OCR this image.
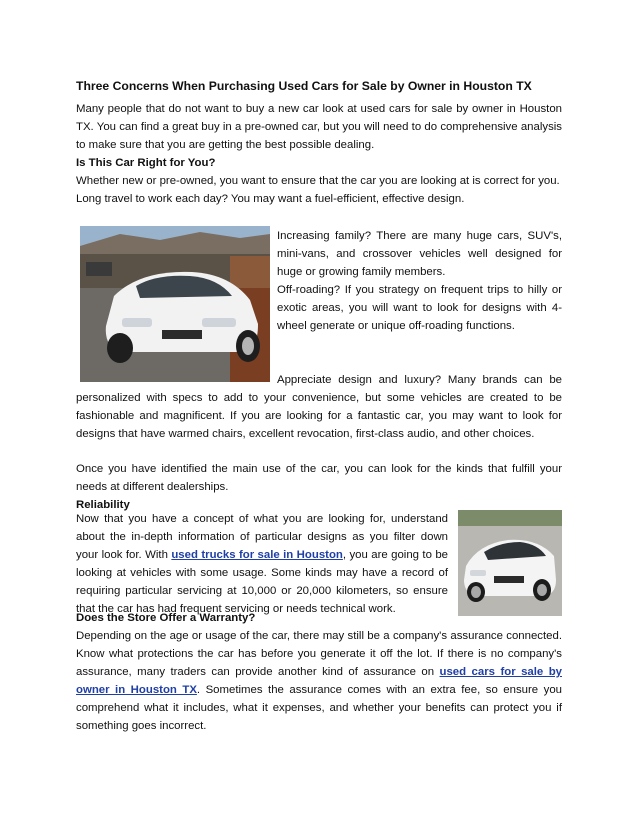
Three Concerns When Purchasing Used Cars for Sale by Owner in Houston TX

Many people that do not want to buy a new car look at used cars for sale by owner in Houston TX. You can find a great buy in a pre-owned car, but you will need to do comprehensive analysis to make sure that you are getting the best possible dealing.

Is This Car Right for You?

Whether new or pre-owned, you want to ensure that the car you are looking at is correct for you.

Long travel to work each day? You may want a fuel-efficient, effective design.

Increasing family? There are many huge cars, SUV's, mini-vans, and crossover vehicles well designed for huge or growing family members.

Off-roading? If you strategy on frequent trips to hilly or exotic areas, you will want to look for designs with 4-wheel generate or unique off-roading functions.

Appreciate design and luxury? Many brands can be

personalized with specs to add to your convenience, but some vehicles are created to be fashionable and magnificent. If you are looking for a fantastic car, you may want to look for designs that have warmed chairs, excellent revocation, first-class audio, and other choices.

Once you have identified the main use of the car, you can look for the kinds that fulfill your needs at different dealerships.

Reliability

Now that you have a concept of what you are looking for, understand about the in-depth information of particular designs as you filter down your look for. With used trucks for sale in Houston, you are going to be looking at vehicles with some usage. Some kinds may have a record of requiring particular servicing at 10,000 or 20,000 kilometers, so ensure that the car has had frequent servicing or needs technical work.

Does the Store Offer a Warranty?

Depending on the age or usage of the car, there may still be a company's assurance connected. Know what protections the car has before you generate it off the lot. If there is no company's assurance, many traders can provide another kind of assurance on used cars for sale by owner in Houston TX. Sometimes the assurance comes with an extra fee, so ensure you comprehend what it includes, what it expenses, and whether your benefits can protect you if something goes incorrect.
